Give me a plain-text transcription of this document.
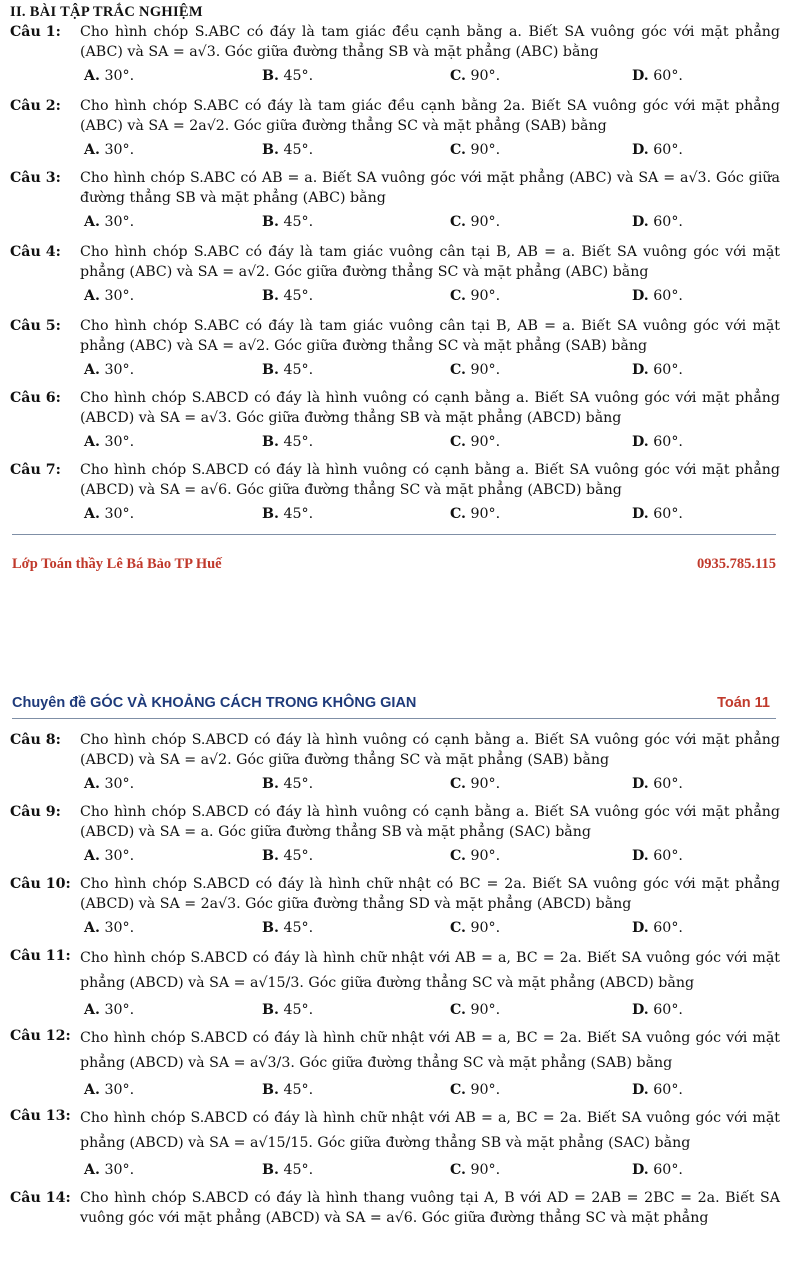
II. BÀI TẬP TRẮC NGHIỆM
Câu 1: Cho hình chóp S.ABC có đáy là tam giác đều cạnh bằng a. Biết SA vuông góc với mặt phẳng (ABC) và SA = a√3. Góc giữa đường thẳng SB và mặt phẳng (ABC) bằng
A. 30°.	B. 45°.	C. 90°.	D. 60°.
Câu 2: Cho hình chóp S.ABC có đáy là tam giác đều cạnh bằng 2a. Biết SA vuông góc với mặt phẳng (ABC) và SA = 2a√2. Góc giữa đường thẳng SC và mặt phẳng (SAB) bằng
A. 30°.	B. 45°.	C. 90°.	D. 60°.
Câu 3: Cho hình chóp S.ABC có AB = a. Biết SA vuông góc với mặt phẳng (ABC) và SA = a√3. Góc giữa đường thẳng SB và mặt phẳng (ABC) bằng
A. 30°.	B. 45°.	C. 90°.	D. 60°.
Câu 4: Cho hình chóp S.ABC có đáy là tam giác vuông cân tại B, AB = a. Biết SA vuông góc với mặt phẳng (ABC) và SA = a√2. Góc giữa đường thẳng SC và mặt phẳng (ABC) bằng
A. 30°.	B. 45°.	C. 90°.	D. 60°.
Câu 5: Cho hình chóp S.ABC có đáy là tam giác vuông cân tại B, AB = a. Biết SA vuông góc với mặt phẳng (ABC) và SA = a√2. Góc giữa đường thẳng SC và mặt phẳng (SAB) bằng
A. 30°.	B. 45°.	C. 90°.	D. 60°.
Câu 6: Cho hình chóp S.ABCD có đáy là hình vuông có cạnh bằng a. Biết SA vuông góc với mặt phẳng (ABCD) và SA = a√3. Góc giữa đường thẳng SB và mặt phẳng (ABCD) bằng
A. 30°.	B. 45°.	C. 90°.	D. 60°.
Câu 7: Cho hình chóp S.ABCD có đáy là hình vuông có cạnh bằng a. Biết SA vuông góc với mặt phẳng (ABCD) và SA = a√6. Góc giữa đường thẳng SC và mặt phẳng (ABCD) bằng
A. 30°.	B. 45°.	C. 90°.	D. 60°.
Lớp Toán thầy Lê Bá Bảo TP Huế	0935.785.115
Chuyên đề GÓC VÀ KHOẢNG CÁCH TRONG KHÔNG GIAN	Toán 11
Câu 8: Cho hình chóp S.ABCD có đáy là hình vuông có cạnh bằng a. Biết SA vuông góc với mặt phẳng (ABCD) và SA = a√2. Góc giữa đường thẳng SC và mặt phẳng (SAB) bằng
A. 30°.	B. 45°.	C. 90°.	D. 60°.
Câu 9: Cho hình chóp S.ABCD có đáy là hình vuông có cạnh bằng a. Biết SA vuông góc với mặt phẳng (ABCD) và SA = a. Góc giữa đường thẳng SB và mặt phẳng (SAC) bằng
A. 30°.	B. 45°.	C. 90°.	D. 60°.
Câu 10: Cho hình chóp S.ABCD có đáy là hình chữ nhật có BC = 2a. Biết SA vuông góc với mặt phẳng (ABCD) và SA = 2a√3. Góc giữa đường thẳng SD và mặt phẳng (ABCD) bằng
A. 30°.	B. 45°.	C. 90°.	D. 60°.
Câu 11: Cho hình chóp S.ABCD có đáy là hình chữ nhật với AB = a, BC = 2a. Biết SA vuông góc với mặt phẳng (ABCD) và SA = a√15/3. Góc giữa đường thẳng SC và mặt phẳng (ABCD) bằng
A. 30°.	B. 45°.	C. 90°.	D. 60°.
Câu 12: Cho hình chóp S.ABCD có đáy là hình chữ nhật với AB = a, BC = 2a. Biết SA vuông góc với mặt phẳng (ABCD) và SA = a√3/3. Góc giữa đường thẳng SC và mặt phẳng (SAB) bằng
A. 30°.	B. 45°.	C. 90°.	D. 60°.
Câu 13: Cho hình chóp S.ABCD có đáy là hình chữ nhật với AB = a, BC = 2a. Biết SA vuông góc với mặt phẳng (ABCD) và SA = a√15/15. Góc giữa đường thẳng SB và mặt phẳng (SAC) bằng
A. 30°.	B. 45°.	C. 90°.	D. 60°.
Câu 14: Cho hình chóp S.ABCD có đáy là hình thang vuông tại A, B với AD = 2AB = 2BC = 2a. Biết SA vuông góc với mặt phẳng (ABCD) và SA = a√6. Góc giữa đường thẳng SC và mặt phẳng
